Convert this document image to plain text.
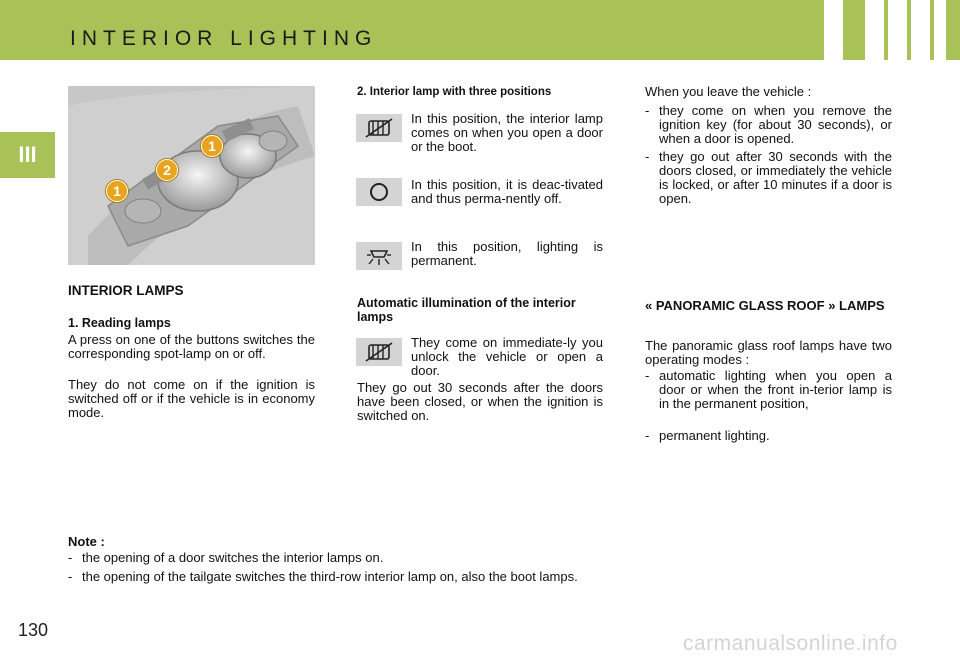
INTERIOR LIGHTING
III
1
2
1
INTERIOR LAMPS
1. Reading lamps

A press on one of the buttons switches the corresponding spot-lamp on or off.

They do not come on if the ignition is switched off or if the vehicle is in economy mode.

2. Interior lamp with three positions

In this position, the interior lamp comes on when you open a door or the boot.

In this position, it is deac-tivated and thus perma-nently off.

In this position, lighting is permanent.

Automatic illumination of the interior lamps

They come on immediate-ly you unlock the vehicle or open a door.

They go out 30 seconds after the doors have been closed, or when the ignition is switched on.

When you leave the vehicle :

- they come on when you remove the ignition key (for about 30 seconds), or when a door is opened.
- they go out after 30 seconds with the doors closed, or immediately the vehicle is locked, or after 10 minutes if a door is open.
« PANORAMIC GLASS ROOF » LAMPS

The panoramic glass roof lamps have two operating modes :

- automatic lighting when you open a door or when the front in-terior lamp is in the permanent position,
- permanent lighting.
Note :
- the opening of a door switches the interior lamps on.
- the opening of the tailgate switches the third-row interior lamp on, also the boot lamps.
130
carmanualsonline.info
